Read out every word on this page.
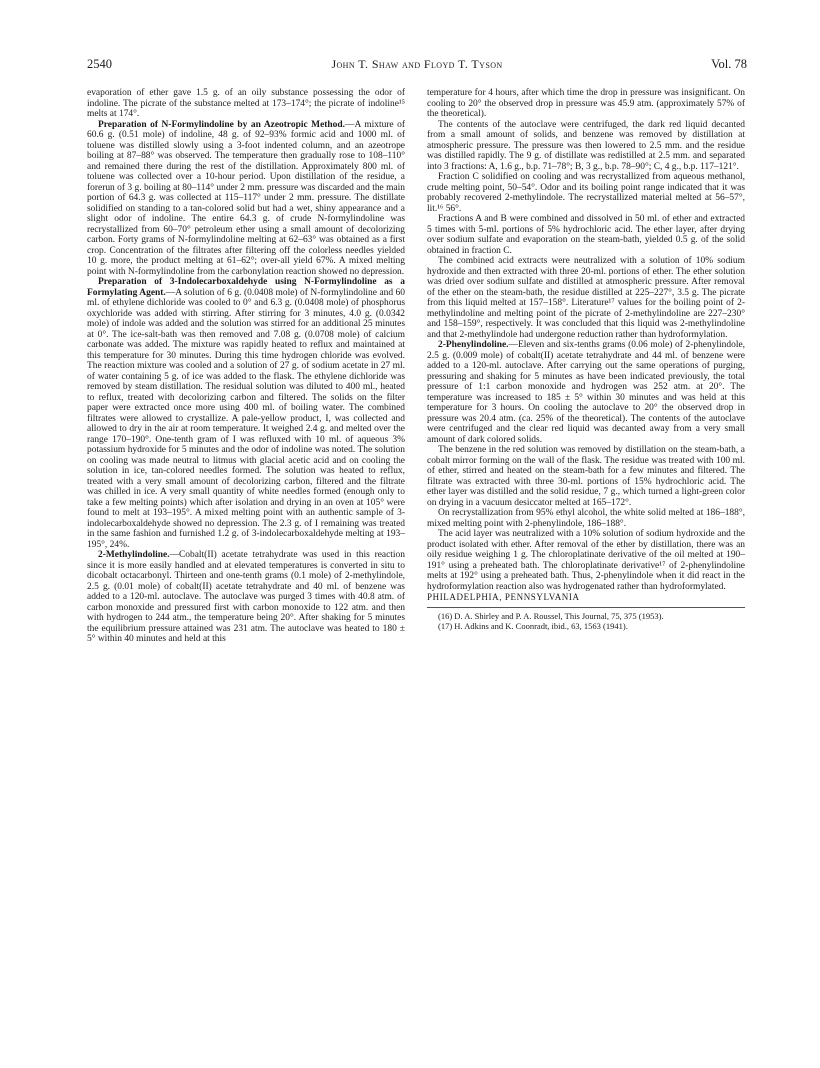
2540	John T. Shaw and Floyd T. Tyson	Vol. 78

evaporation of ether gave 1.5 g. of an oily substance possessing the odor of indoline. The picrate of the substance melted at 173–174°; the picrate of indoline¹⁵ melts at 174°.

Preparation of N-Formylindoline by an Azeotropic Method.—A mixture of 60.6 g. (0.51 mole) of indoline, 48 g. of 92–93% formic acid and 1000 ml. of toluene was distilled slowly using a 3-foot indented column, and an azeotrope boiling at 87–88° was observed. The temperature then gradually rose to 108–110° and remained there during the rest of the distillation. Approximately 800 ml. of toluene was collected over a 10-hour period. Upon distillation of the residue, a forerun of 3 g. boiling at 80–114° under 2 mm. pressure was discarded and the main portion of 64.3 g. was collected at 115–117° under 2 mm. pressure. The distillate solidified on standing to a tan-colored solid but had a wet, shiny appearance and a slight odor of indoline. The entire 64.3 g. of crude N-formylindoline was recrystallized from 60–70° petroleum ether using a small amount of decolorizing carbon. Forty grams of N-formylindoline melting at 62–63° was obtained as a first crop. Concentration of the filtrates after filtering off the colorless needles yielded 10 g. more, the product melting at 61–62°; over-all yield 67%. A mixed melting point with N-formylindoline from the carbonylation reaction showed no depression.

Preparation of 3-Indolecarboxaldehyde using N-Formylindoline as a Formylating Agent.—A solution of 6 g. (0.0408 mole) of N-formylindoline and 60 ml. of ethylene dichloride was cooled to 0° and 6.3 g. (0.0408 mole) of phosphorus oxychloride was added with stirring. After stirring for 3 minutes, 4.0 g. (0.0342 mole) of indole was added and the solution was stirred for an additional 25 minutes at 0°. The ice-salt-bath was then removed and 7.08 g. (0.0708 mole) of calcium carbonate was added. The mixture was rapidly heated to reflux and maintained at this temperature for 30 minutes. During this time hydrogen chloride was evolved. The reaction mixture was cooled and a solution of 27 g. of sodium acetate in 27 ml. of water containing 5 g. of ice was added to the flask. The ethylene dichloride was removed by steam distillation. The residual solution was diluted to 400 ml., heated to reflux, treated with decolorizing carbon and filtered. The solids on the filter paper were extracted once more using 400 ml. of boiling water. The combined filtrates were allowed to crystallize. A pale-yellow product, I, was collected and allowed to dry in the air at room temperature. It weighed 2.4 g. and melted over the range 170–190°. One-tenth gram of I was refluxed with 10 ml. of aqueous 3% potassium hydroxide for 5 minutes and the odor of indoline was noted. The solution on cooling was made neutral to litmus with glacial acetic acid and on cooling the solution in ice, tan-colored needles formed. The solution was heated to reflux, treated with a very small amount of decolorizing carbon, filtered and the filtrate was chilled in ice. A very small quantity of white needles formed (enough only to take a few melting points) which after isolation and drying in an oven at 105° were found to melt at 193–195°. A mixed melting point with an authentic sample of 3-indolecarboxaldehyde showed no depression. The 2.3 g. of I remaining was treated in the same fashion and furnished 1.2 g. of 3-indolecarboxaldehyde melting at 193–195°, 24%.

2-Methylindoline.—Cobalt(II) acetate tetrahydrate was used in this reaction since it is more easily handled and at elevated temperatures is converted in situ to dicobalt octacarbonyl. Thirteen and one-tenth grams (0.1 mole) of 2-methylindole, 2.5 g. (0.01 mole) of cobalt(II) acetate tetrahydrate and 40 ml. of benzene was added to a 120-ml. autoclave. The autoclave was purged 3 times with 40.8 atm. of carbon monoxide and pressured first with carbon monoxide to 122 atm. and then with hydrogen to 244 atm., the temperature being 20°. After shaking for 5 minutes the equilibrium pressure attained was 231 atm. The autoclave was heated to 180 ± 5° within 40 minutes and held at this

temperature for 4 hours, after which time the drop in pressure was insignificant. On cooling to 20° the observed drop in pressure was 45.9 atm. (approximately 57% of the theoretical).

The contents of the autoclave were centrifuged, the dark red liquid decanted from a small amount of solids, and benzene was removed by distillation at atmospheric pressure. The pressure was then lowered to 2.5 mm. and the residue was distilled rapidly. The 9 g. of distillate was redistilled at 2.5 mm. and separated into 3 fractions: A, 1.6 g., b.p. 71–78°; B, 3 g., b.p. 78–90°; C, 4 g., b.p. 117–121°.

Fraction C solidified on cooling and was recrystallized from aqueous methanol, crude melting point, 50–54°. Odor and its boiling point range indicated that it was probably recovered 2-methylindole. The recrystallized material melted at 56–57°, lit.¹⁶ 56°.

Fractions A and B were combined and dissolved in 50 ml. of ether and extracted 5 times with 5-ml. portions of 5% hydrochloric acid. The ether layer, after drying over sodium sulfate and evaporation on the steam-bath, yielded 0.5 g. of the solid obtained in fraction C.

The combined acid extracts were neutralized with a solution of 10% sodium hydroxide and then extracted with three 20-ml. portions of ether. The ether solution was dried over sodium sulfate and distilled at atmospheric pressure. After removal of the ether on the steam-bath, the residue distilled at 225–227°, 3.5 g. The picrate from this liquid melted at 157–158°. Literature¹⁷ values for the boiling point of 2-methylindoline and melting point of the picrate of 2-methylindoline are 227–230° and 158–159°, respectively. It was concluded that this liquid was 2-methylindoline and that 2-methylindole had undergone reduction rather than hydroformylation.

2-Phenylindoline.—Eleven and six-tenths grams (0.06 mole) of 2-phenylindole, 2.5 g. (0.009 mole) of cobalt(II) acetate tetrahydrate and 44 ml. of benzene were added to a 120-ml. autoclave. After carrying out the same operations of purging, pressuring and shaking for 5 minutes as have been indicated previously, the total pressure of 1:1 carbon monoxide and hydrogen was 252 atm. at 20°. The temperature was increased to 185 ± 5° within 30 minutes and was held at this temperature for 3 hours. On cooling the autoclave to 20° the observed drop in pressure was 20.4 atm. (ca. 25% of the theoretical). The contents of the autoclave were centrifuged and the clear red liquid was decanted away from a very small amount of dark colored solids.

The benzene in the red solution was removed by distillation on the steam-bath, a cobalt mirror forming on the wall of the flask. The residue was treated with 100 ml. of ether, stirred and heated on the steam-bath for a few minutes and filtered. The filtrate was extracted with three 30-ml. portions of 15% hydrochloric acid. The ether layer was distilled and the solid residue, 7 g., which turned a light-green color on drying in a vacuum desiccator melted at 165–172°.

On recrystallization from 95% ethyl alcohol, the white solid melted at 186–188°, mixed melting point with 2-phenylindole, 186–188°.

The acid layer was neutralized with a 10% solution of sodium hydroxide and the product isolated with ether. After removal of the ether by distillation, there was an oily residue weighing 1 g. The chloroplatinate derivative of the oil melted at 190–191° using a preheated bath. The chloroplatinate derivative¹⁷ of 2-phenylindoline melts at 192° using a preheated bath. Thus, 2-phenylindole when it did react in the hydroformylation reaction also was hydrogenated rather than hydroformylated.

PHILADELPHIA, PENNSYLVANIA

(16) D. A. Shirley and P. A. Roussel, This Journal, 75, 375 (1953).

(17) H. Adkins and K. Coonradt, ibid., 63, 1563 (1941).
